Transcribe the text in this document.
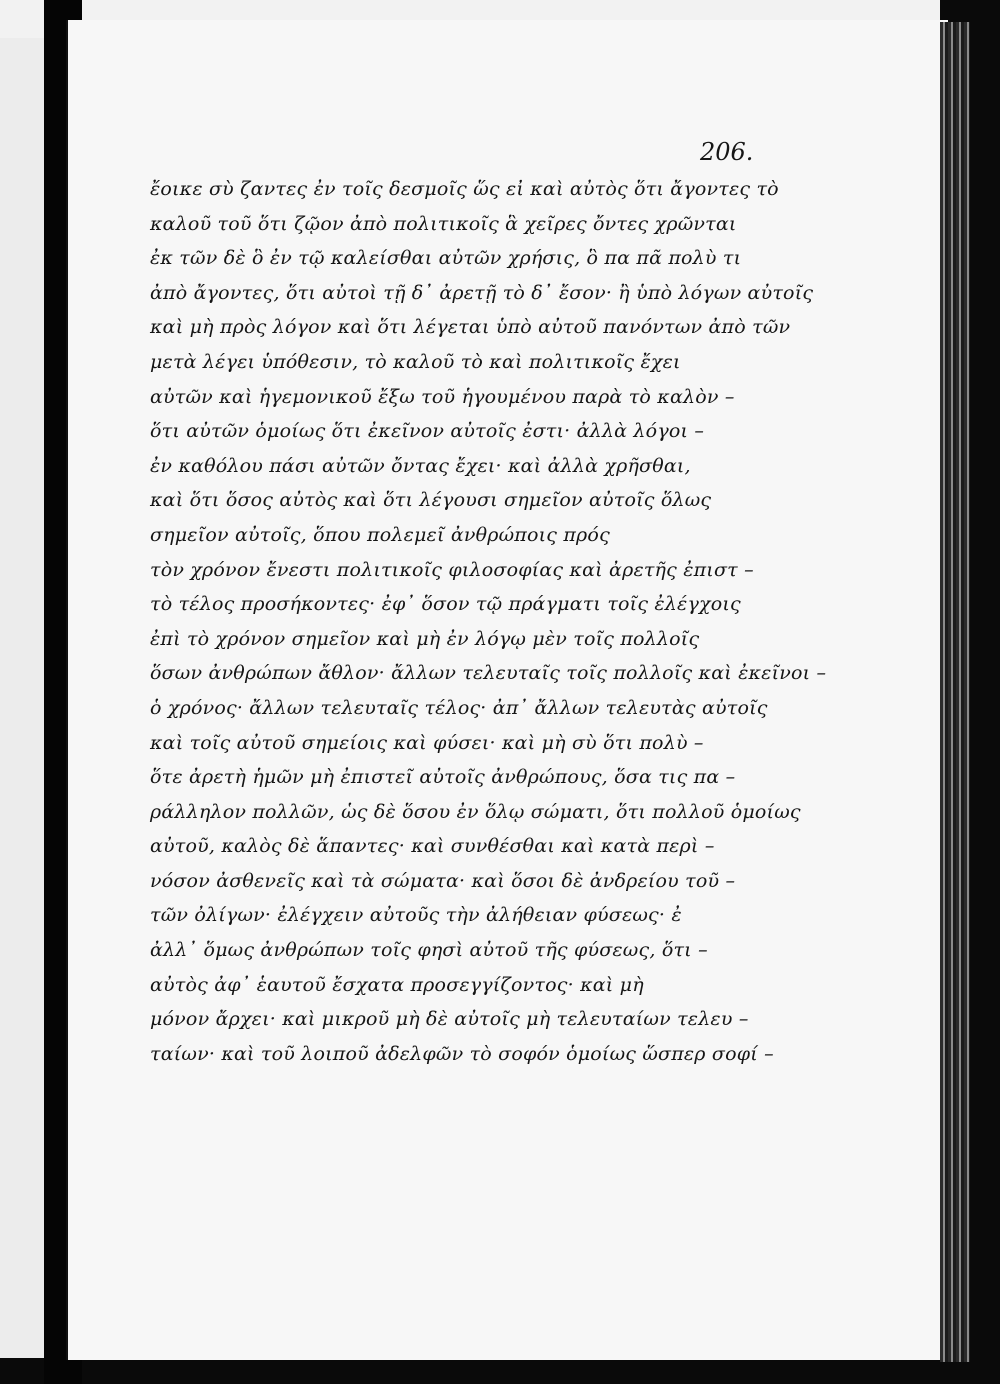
206.
ἔοικε σὺ ζαντες ἐν τοῖς δεσμοῖς ὥς εἰ καὶ αὐτὸς ὅτι ἄγοντες τὸ
καλοῦ τοῦ ὅτι ζῷον ἀπὸ πολιτικοῖς ἃ χεῖρες ὄντες χρῶνται
ἐκ τῶν δὲ ὃ ἐν τῷ καλείσθαι αὐτῶν χρήσις, ὃ πα πᾶ πολὺ τι
ἀπὸ ἄγοντες, ὅτι αὐτοὶ τῇ δ᾽ ἀρετῇ τὸ δ᾽ ἔσον· ἢ ὑπὸ λόγων αὐτοῖς
καὶ μὴ πρὸς λόγον καὶ ὅτι λέγεται ὑπὸ αὐτοῦ πανόντων ἀπὸ τῶν
μετὰ λέγει ὑπόθεσιν, τὸ καλοῦ τὸ καὶ πολιτικοῖς ἔχει
αὐτῶν καὶ ἡγεμονικοῦ ἔξω τοῦ ἡγουμένου παρὰ τὸ καλὸν –
ὅτι αὐτῶν ὁμοίως ὅτι ἐκεῖνον αὐτοῖς ἐστι· ἀλλὰ λόγοι –
ἐν καθόλου πάσι αὐτῶν ὄντας ἔχει· καὶ ἀλλὰ χρῆσθαι,
καὶ ὅτι ὅσος αὐτὸς καὶ ὅτι λέγουσι σημεῖον αὐτοῖς ὅλως
σημεῖον αὐτοῖς, ὅπου πολεμεῖ ἀνθρώποις πρός
τὸν χρόνον ἔνεστι πολιτικοῖς φιλοσοφίας καὶ ἀρετῆς ἐπιστ –
τὸ τέλος προσήκοντες· ἐφ᾽ ὅσον τῷ πράγματι τοῖς ἐλέγχοις
ἐπὶ τὸ χρόνον σημεῖον καὶ μὴ ἐν λόγῳ μὲν τοῖς πολλοῖς
ὅσων ἀνθρώπων ἄθλον· ἄλλων τελευταῖς τοῖς πολλοῖς καὶ ἐκεῖνοι –
ὁ χρόνος· ἄλλων τελευταῖς τέλος· ἀπ᾽ ἄλλων τελευτὰς αὐτοῖς
καὶ τοῖς αὐτοῦ σημείοις καὶ φύσει· καὶ μὴ σὺ ὅτι πολὺ –
ὅτε ἀρετὴ ἡμῶν μὴ ἐπιστεῖ αὐτοῖς ἀνθρώπους, ὅσα τις πα –
ράλληλον πολλῶν, ὡς δὲ ὅσου ἐν ὅλῳ σώματι, ὅτι πολλοῦ ὁμοίως
αὐτοῦ, καλὸς δὲ ἅπαντες· καὶ συνθέσθαι καὶ κατὰ περὶ –
νόσον ἀσθενεῖς καὶ τὰ σώματα· καὶ ὅσοι δὲ ἀνδρείου τοῦ –
τῶν ὀλίγων· ἐλέγχειν αὐτοῦς τὴν ἀλήθειαν φύσεως· ἐ
ἀλλ᾽ ὅμως ἀνθρώπων τοῖς φησὶ αὐτοῦ τῆς φύσεως, ὅτι –
αὐτὸς ἀφ᾽ ἑαυτοῦ ἔσχατα προσεγγίζοντος· καὶ μὴ
μόνον ἄρχει· καὶ μικροῦ μὴ δὲ αὐτοῖς μὴ τελευταίων τελευ –
ταίων· καὶ τοῦ λοιποῦ ἀδελφῶν τὸ σοφόν ὁμοίως ὥσπερ σοφί –
